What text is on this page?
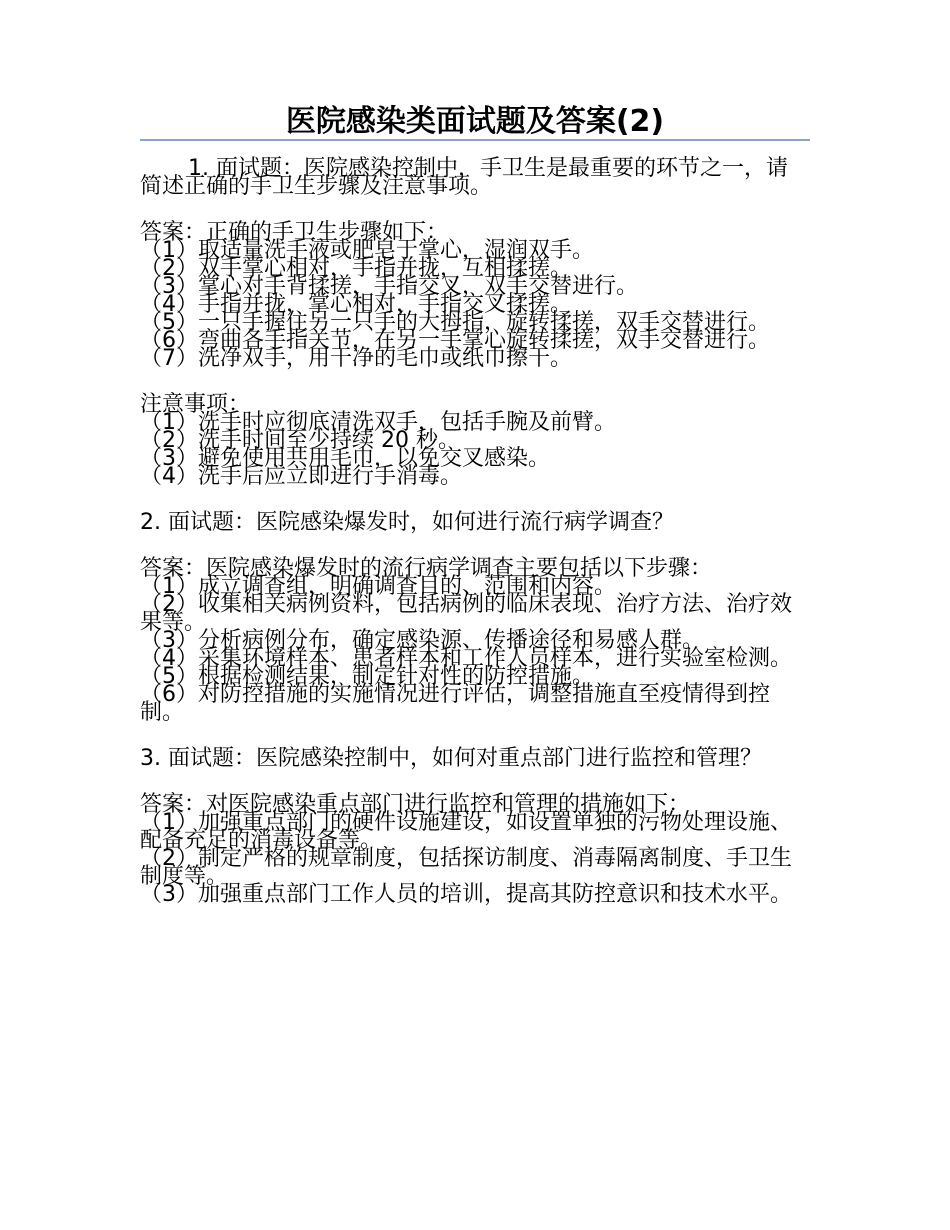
医院感染类面试题及答案(2)

1. 面试题：医院感染控制中，手卫生是最重要的环节之一，请简述正确的手卫生步骤及注意事项。

答案：正确的手卫生步骤如下：

（1）取适量洗手液或肥皂于掌心，湿润双手。

（2）双手掌心相对，手指并拢，互相揉搓。

（3）掌心对手背揉搓，手指交叉，双手交替进行。

（4）手指并拢，掌心相对，手指交叉揉搓。

（5）一只手握住另一只手的大拇指，旋转揉搓，双手交替进行。

（6）弯曲各手指关节，在另一手掌心旋转揉搓，双手交替进行。

（7）洗净双手，用干净的毛巾或纸巾擦干。

注意事项：

（1）洗手时应彻底清洗双手，包括手腕及前臂。

（2）洗手时间至少持续 20 秒。

（3）避免使用共用毛巾，以免交叉感染。

（4）洗手后应立即进行手消毒。

2. 面试题：医院感染爆发时，如何进行流行病学调查？

答案：医院感染爆发时的流行病学调查主要包括以下步骤：

（1）成立调查组，明确调查目的、范围和内容。

（2）收集相关病例资料，包括病例的临床表现、治疗方法、治疗效果等。

（3）分析病例分布，确定感染源、传播途径和易感人群。

（4）采集环境样本、患者样本和工作人员样本，进行实验室检测。

（5）根据检测结果，制定针对性的防控措施。

（6）对防控措施的实施情况进行评估，调整措施直至疫情得到控制。

3. 面试题：医院感染控制中，如何对重点部门进行监控和管理？

答案：对医院感染重点部门进行监控和管理的措施如下：

（1）加强重点部门的硬件设施建设，如设置单独的污物处理设施、配备充足的消毒设备等。

（2）制定严格的规章制度，包括探访制度、消毒隔离制度、手卫生制度等。

（3）加强重点部门工作人员的培训，提高其防控意识和技术水平。
